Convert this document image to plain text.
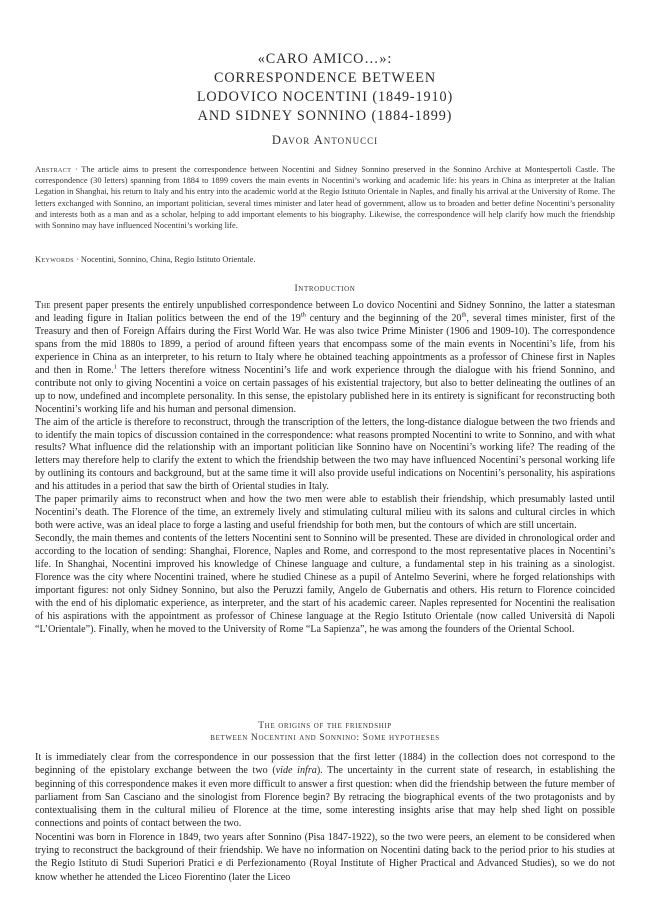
«CARO AMICO…»:
CORRESPONDENCE BETWEEN
LODOVICO NOCENTINI (1849-1910)
AND SIDNEY SONNINO (1884-1899)
Davor Antonucci
Abstract · The article aims to present the correspondence between Nocentini and Sidney Sonnino preserved in the Sonnino Archive at Montespertoli Castle. The correspondence (30 letters) spanning from 1884 to 1899 covers the main events in Nocentini’s working and academic life: his years in China as interpreter at the Italian Legation in Shanghai, his return to Italy and his entry into the academic world at the Regio Istituto Orientale in Naples, and finally his arrival at the University of Rome. The letters exchanged with Sonnino, an important politician, several times minister and later head of government, allow us to broaden and better define Nocentini’s personality and interests both as a man and as a scholar, helping to add important elements to his biography. Likewise, the correspondence will help clarify how much the friendship with Sonnino may have influenced Nocentini’s working life.
Keywords · Nocentini, Sonnino, China, Regio Istituto Orientale.
Introduction

The present paper presents the entirely unpublished correspondence between Lo dovico Nocentini and Sidney Sonnino, the latter a statesman and leading figure in Italian politics between the end of the 19th century and the beginning of the 20th, several times minister, first of the Treasury and then of Foreign Affairs during the First World War. He was also twice Prime Minister (1906 and 1909-10). The correspondence spans from the mid 1880s to 1899, a period of around fifteen years that encompass some of the main events in Nocentini’s life, from his experience in China as an interpreter, to his return to Italy where he obtained teaching appointments as a professor of Chinese first in Naples and then in Rome.$^1$ The letters therefore witness Nocentini’s life and work experience through the dialogue with his friend Sonnino, and contribute not only to giving Nocentini a voice on certain passages of his existential trajectory, but also to better delineating the outlines of an up to now, undefined and incomplete personality. In this sense, the epistolary published here in its entirety is significant for reconstructing both Nocentini’s working life and his human and personal dimension.

The aim of the article is therefore to reconstruct, through the transcription of the letters, the long-distance dialogue between the two friends and to identify the main topics of discussion contained in the correspondence: what reasons prompted Nocentini to write to Sonnino, and with what results? What influence did the relationship with an important politician like Sonnino have on Nocentini’s working life? The reading of the letters may therefore help to clarify the extent to which the friendship between the two may have influenced Nocentini’s personal working life by outlining its contours and background, but at the same time it will also provide useful indications on Nocentini’s personality, his aspirations and his attitudes in a period that saw the birth of Oriental studies in Italy.

The paper primarily aims to reconstruct when and how the two men were able to establish their friendship, which presumably lasted until Nocentini’s death. The Florence of the time, an extremely lively and stimulating cultural milieu with its salons and cultural circles in which both were active, was an ideal place to forge a lasting and useful friendship for both men, but the contours of which are still uncertain.

Secondly, the main themes and contents of the letters Nocentini sent to Sonnino will be presented. These are divided in chronological order and according to the location of sending: Shanghai, Florence, Naples and Rome, and correspond to the most representative places in Nocentini’s life. In Shanghai, Nocentini improved his knowledge of Chinese language and culture, a fundamental step in his training as a sinologist. Florence was the city where Nocentini trained, where he studied Chinese as a pupil of Antelmo Severini, where he forged relationships with important figures: not only Sidney Sonnino, but also the Peruzzi family, Angelo de Gubernatis and others. His return to Florence coincided with the end of his diplomatic experience, as interpreter, and the start of his academic career. Naples represented for Nocentini the realisation of his aspirations with the appointment as professor of Chinese language at the Regio Istituto Orientale (now called Università di Napoli “L’Orientale”). Finally, when he moved to the University of Rome “La Sapienza”, he was among the founders of the Oriental School.

The origins of the friendship
between Nocentini and Sonnino: Some hypotheses

It is immediately clear from the correspondence in our possession that the first letter (1884) in the collection does not correspond to the beginning of the epistolary exchange between the two (vide infra). The uncertainty in the current state of research, in establishing the beginning of this correspondence makes it even more difficult to answer a first question: when did the friendship between the future member of parliament from San Casciano and the sinologist from Florence begin? By retracing the biographical events of the two protagonists and by contextualising them in the cultural milieu of Florence at the time, some interesting insights arise that may help shed light on possible connections and points of contact between the two.

Nocentini was born in Florence in 1849, two years after Sonnino (Pisa 1847-1922), so the two were peers, an element to be considered when trying to reconstruct the background of their friendship. We have no information on Nocentini dating back to the period prior to his studies at the Regio Istituto di Studi Superiori Pratici e di Perfezionamento (Royal Institute of Higher Practical and Advanced Studies), so we do not know whether he attended the Liceo Fiorentino (later the Liceo
